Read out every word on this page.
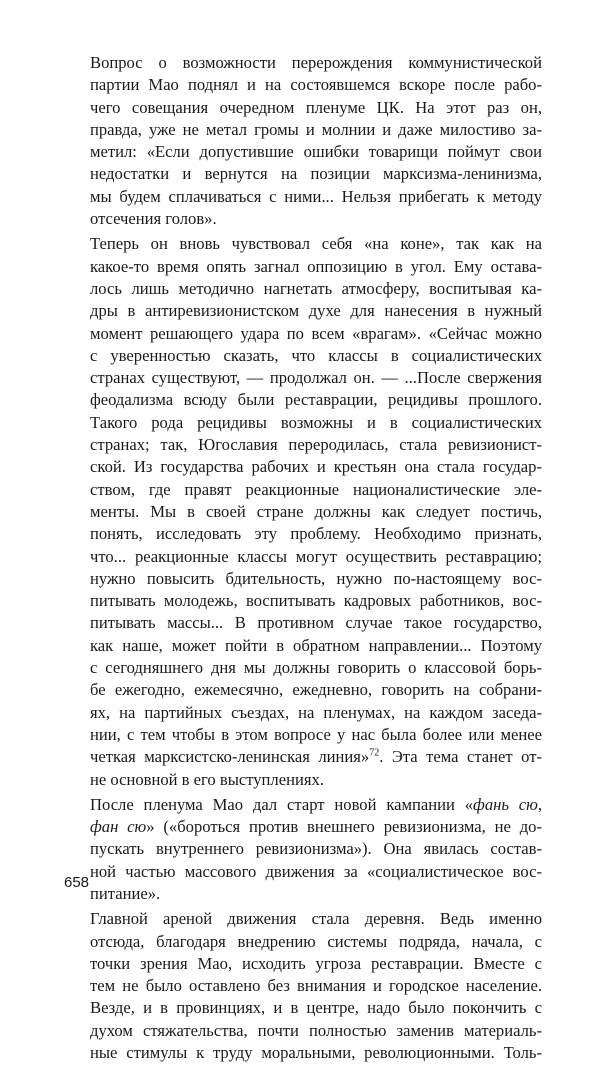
Вопрос о возможности перерождения коммунистической
партии Мао поднял и на состоявшемся вскоре после рабо-
чего совещания очередном пленуме ЦК. На этот раз он,
правда, уже не метал громы и молнии и даже милостиво за-
метил: «Если допустившие ошибки товарищи поймут свои
недостатки и вернутся на позиции марксизма-ленинизма,
мы будем сплачиваться с ними... Нельзя прибегать к методу
отсечения голов».

Теперь он вновь чувствовал себя «на коне», так как на
какое-то время опять загнал оппозицию в угол. Ему остава-
лось лишь методично нагнетать атмосферу, воспитывая ка-
дры в антиревизионистском духе для нанесения в нужный
момент решающего удара по всем «врагам». «Сейчас можно
с уверенностью сказать, что классы в социалистических
странах существуют, — продолжал он. — ...После свержения
феодализма всюду были реставрации, рецидивы прошлого.
Такого рода рецидивы возможны и в социалистических
странах; так, Югославия переродилась, стала ревизионист-
ской. Из государства рабочих и крестьян она стала государ-
ством, где правят реакционные националистические эле-
менты. Мы в своей стране должны как следует постичь,
понять, исследовать эту проблему. Необходимо признать,
что... реакционные классы могут осуществить реставрацию;
нужно повысить бдительность, нужно по-настоящему вос-
питывать молодежь, воспитывать кадровых работников, вос-
питывать массы... В противном случае такое государство,
как наше, может пойти в обратном направлении... Поэтому
с сегодняшнего дня мы должны говорить о классовой борь-
бе ежегодно, ежемесячно, ежедневно, говорить на собрани-
ях, на партийных съездах, на пленумах, на каждом заседа-
нии, с тем чтобы в этом вопросе у нас была более или менее
четкая марксистско-ленинская линия»$^{72}$. Эта тема станет от-
не основной в его выступлениях.

После пленума Мао дал старт новой кампании «фань сю,
фан сю» («бороться против внешнего ревизионизма, не до-
пускать внутреннего ревизионизма»). Она явилась состав-
ной частью массового движения за «социалистическое вос-
питание».

Главной ареной движения стала деревня. Ведь именно
отсюда, благодаря внедрению системы подряда, начала, с
точки зрения Мао, исходить угроза реставрации. Вместе с
тем не было оставлено без внимания и городское население.
Везде, и в провинциях, и в центре, надо было покончить с
духом стяжательства, почти полностью заменив материаль-
ные стимулы к труду моральными, революционными. Толь-

658
